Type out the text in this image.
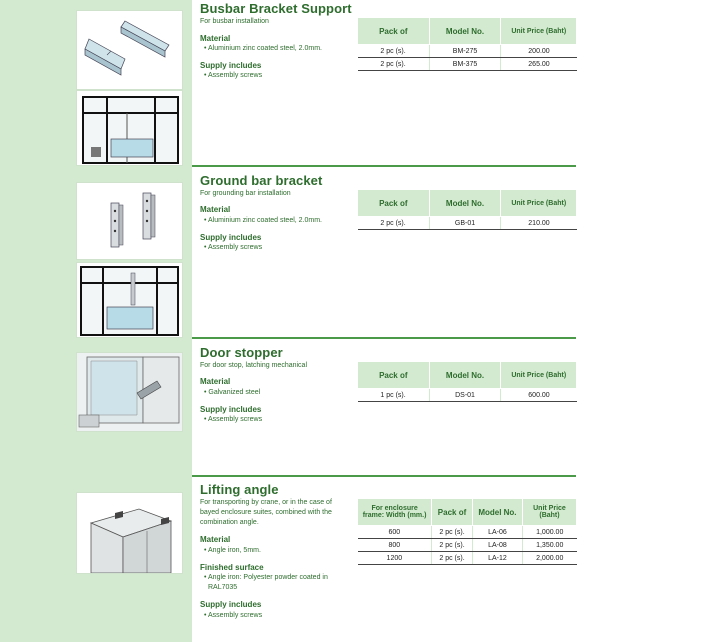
Busbar Bracket Support
For busbar installation
Material
• Aluminium zinc coated steel, 2.0mm.
Supply includes
• Assembly screws
Pack of	Model No.	Unit Price (Baht)
2 pc (s).	BM-275	200.00
2 pc (s).	BM-375	265.00
Ground bar bracket
For grounding bar installation
Material
• Aluminium zinc coated steel, 2.0mm.
Supply includes
• Assembly screws
Pack of	Model No.	Unit Price (Baht)
2 pc (s).	GB-01	210.00
Door stopper
For door stop, latching mechanical
Material
• Galvanized steel
Supply includes
• Assembly screws
Pack of	Model No.	Unit Price (Baht)
1 pc (s).	DS-01	600.00
Lifting angle
For transporting by crane, or in the case of
bayed enclosure suites, combined with the
combination angle.
Material
• Angle iron, 5mm.
Finished surface
• Angle iron: Polyester powder coated in
RAL7035
Supply includes
• Assembly screws
For enclosure frame: Width (mm.)	Pack of	Model No.	Unit Price (Baht)
600	2 pc (s).	LA-06	1,000.00
800	2 pc (s).	LA-08	1,350.00
1200	2 pc (s).	LA-12	2,000.00
